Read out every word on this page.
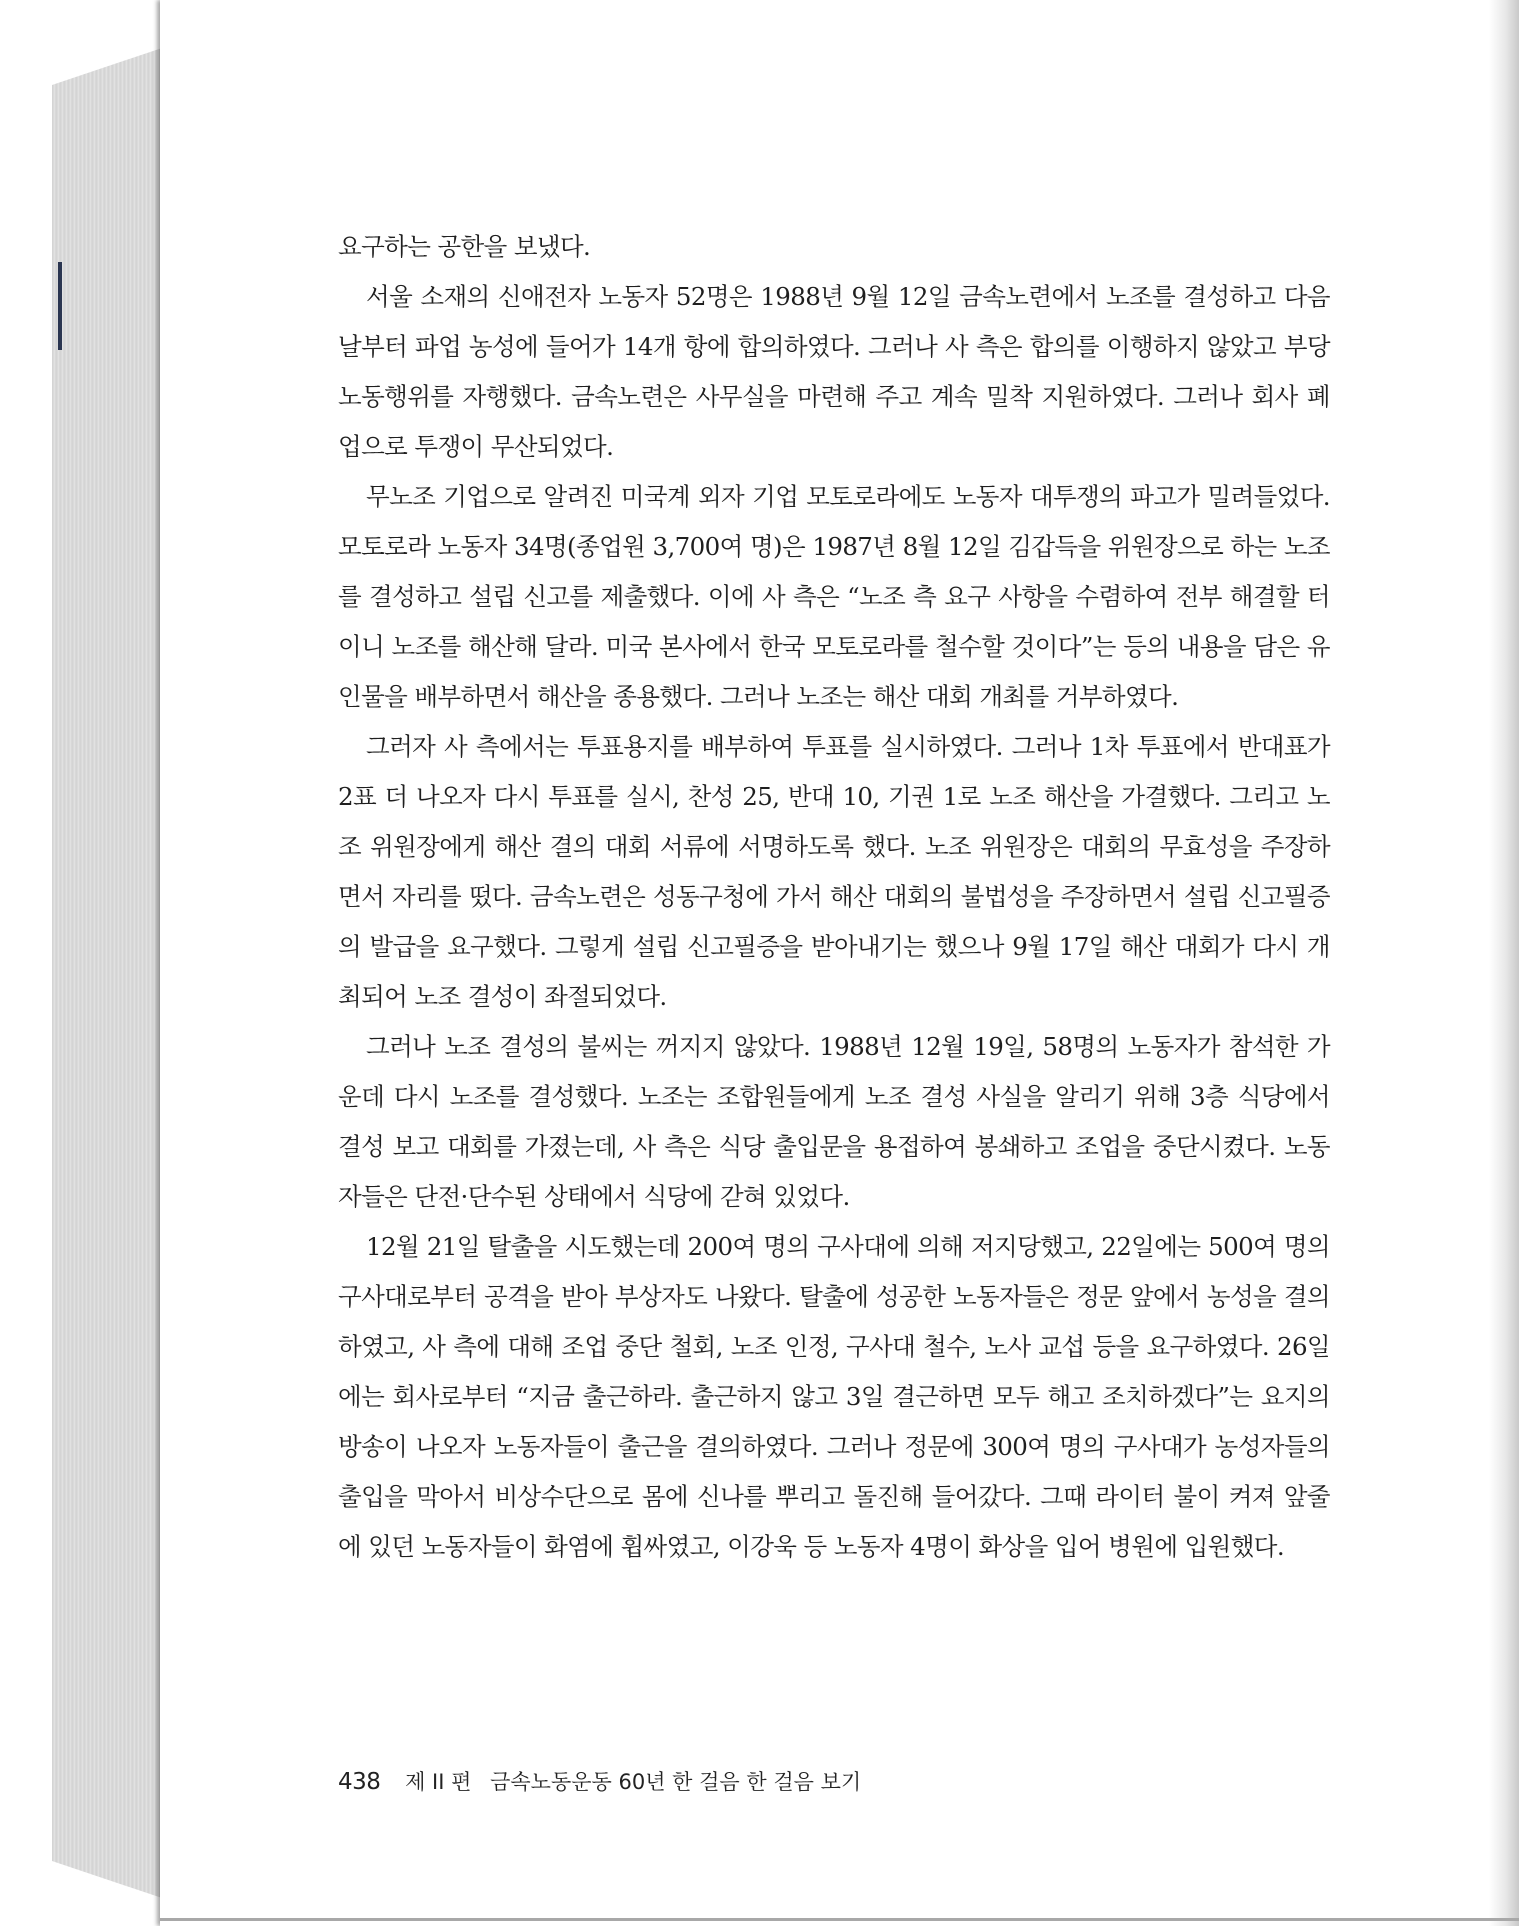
요구하는 공한을 보냈다.

서울 소재의 신애전자 노동자 52명은 1988년 9월 12일 금속노련에서 노조를 결성하고 다음날부터 파업 농성에 들어가 14개 항에 합의하였다. 그러나 사 측은 합의를 이행하지 않았고 부당노동행위를 자행했다. 금속노련은 사무실을 마련해 주고 계속 밀착 지원하였다. 그러나 회사 폐업으로 투쟁이 무산되었다.

무노조 기업으로 알려진 미국계 외자 기업 모토로라에도 노동자 대투쟁의 파고가 밀려들었다. 모토로라 노동자 34명(종업원 3,700여 명)은 1987년 8월 12일 김갑득을 위원장으로 하는 노조를 결성하고 설립 신고를 제출했다. 이에 사 측은 “노조 측 요구 사항을 수렴하여 전부 해결할 터이니 노조를 해산해 달라. 미국 본사에서 한국 모토로라를 철수할 것이다”는 등의 내용을 담은 유인물을 배부하면서 해산을 종용했다. 그러나 노조는 해산 대회 개최를 거부하였다.

그러자 사 측에서는 투표용지를 배부하여 투표를 실시하였다. 그러나 1차 투표에서 반대표가 2표 더 나오자 다시 투표를 실시, 찬성 25, 반대 10, 기권 1로 노조 해산을 가결했다. 그리고 노조 위원장에게 해산 결의 대회 서류에 서명하도록 했다. 노조 위원장은 대회의 무효성을 주장하면서 자리를 떴다. 금속노련은 성동구청에 가서 해산 대회의 불법성을 주장하면서 설립 신고필증의 발급을 요구했다. 그렇게 설립 신고필증을 받아내기는 했으나 9월 17일 해산 대회가 다시 개최되어 노조 결성이 좌절되었다.

그러나 노조 결성의 불씨는 꺼지지 않았다. 1988년 12월 19일, 58명의 노동자가 참석한 가운데 다시 노조를 결성했다. 노조는 조합원들에게 노조 결성 사실을 알리기 위해 3층 식당에서 결성 보고 대회를 가졌는데, 사 측은 식당 출입문을 용접하여 봉쇄하고 조업을 중단시켰다. 노동자들은 단전·단수된 상태에서 식당에 갇혀 있었다.

12월 21일 탈출을 시도했는데 200여 명의 구사대에 의해 저지당했고, 22일에는 500여 명의 구사대로부터 공격을 받아 부상자도 나왔다. 탈출에 성공한 노동자들은 정문 앞에서 농성을 결의하였고, 사 측에 대해 조업 중단 철회, 노조 인정, 구사대 철수, 노사 교섭 등을 요구하였다. 26일에는 회사로부터 “지금 출근하라. 출근하지 않고 3일 결근하면 모두 해고 조치하겠다”는 요지의 방송이 나오자 노동자들이 출근을 결의하였다. 그러나 정문에 300여 명의 구사대가 농성자들의 출입을 막아서 비상수단으로 몸에 신나를 뿌리고 돌진해 들어갔다. 그때 라이터 불이 켜져 앞줄에 있던 노동자들이 화염에 휩싸였고, 이강욱 등 노동자 4명이 화상을 입어 병원에 입원했다.

438 제 II 편 금속노동운동 60년 한 걸음 한 걸음 보기
